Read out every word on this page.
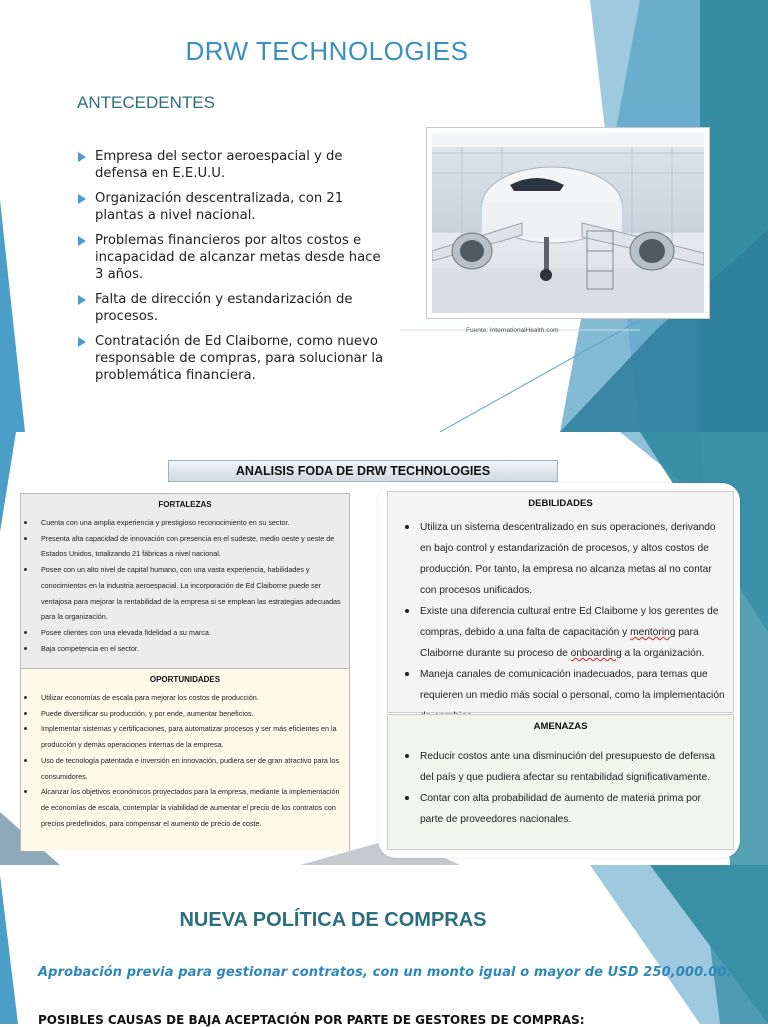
DRW TECHNOLOGIES
ANTECEDENTES
Empresa del sector aeroespacial y de defensa en E.E.U.U.
Organización descentralizada, con 21 plantas a nivel nacional.
Problemas financieros por altos costos e incapacidad de alcanzar metas desde hace 3 años.
Falta de dirección y estandarización de procesos.
Contratación de Ed Claiborne, como nuevo responsable de compras, para solucionar la problemática financiera.
Fuente: InternationalHealth.com
ANALISIS FODA DE DRW TECHNOLOGIES
FORTALEZAS
Cuenta con una amplia experiencia y prestigioso reconocimiento en su sector.
Presenta alta capacidad de innovación con presencia en el sudeste, medio oeste y oeste de Estados Unidos, totalizando 21 fábricas a nivel nacional.
Posee con un alto nivel de capital humano, con una vasta experiencia, habilidades y conocimientos en la industria aeroespacial. La incorporación de Ed Claiborne puede ser ventajosa para mejorar la rentabilidad de la empresa si se emplean las estrategias adecuadas para la organización.
Posee clientes con una elevada fidelidad a su marca.
Baja competencia en el sector.
OPORTUNIDADES
Utilizar economías de escala para mejorar los costos de producción.
Puede diversificar su producción, y por ende, aumentar beneficios.
Implementar sistemas y certificaciones, para automatizar procesos y ser más eficientes en la producción y demás operaciones internas de la empresa.
Uso de tecnología patentada e inversión en innovación, pudiera ser de gran atractivo para los consumidores.
Alcanzar los objetivos económicos proyectados para la empresa, mediante la implementación de economías de escala, contemplar la viabilidad de aumentar el precio de los contratos con precios predefinidos, para compensar el aumento de precio de coste.
DEBILIDADES
Utiliza un sistema descentralizado en sus operaciones, derivando en bajo control y estandarización de procesos, y altos costos de producción. Por tanto, la empresa no alcanza metas al no contar con procesos unificados.
Existe una diferencia cultural entre Ed Claiborne y los gerentes de compras, debido a una falta de capacitación y mentoring para Claiborne durante su proceso de onboarding a la organización.
Maneja canales de comunicación inadecuados, para temas que requieren un medio más social o personal, como la implementación
AMENAZAS
Reducir costos ante una disminución del presupuesto de defensa del país y que pudiera afectar su rentabilidad significativamente.
Contar con alta probabilidad de aumento de materia prima por parte de proveedores nacionales.
NUEVA POLÍTICA DE COMPRAS
Aprobación previa para gestionar contratos, con un monto igual o mayor de USD 250,000.00.
POSIBLES CAUSAS DE BAJA ACEPTACIÓN POR PARTE DE GESTORES DE COMPRAS:
